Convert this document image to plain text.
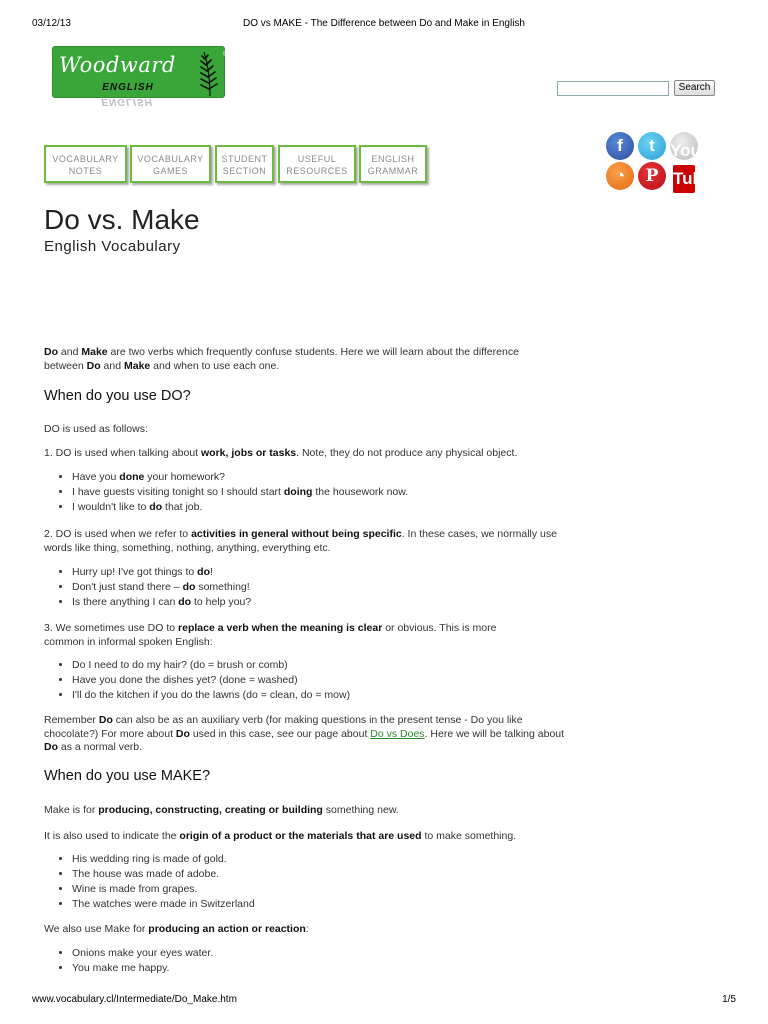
03/12/13	DO vs MAKE - The Difference between Do and Make in English
Woodward	®
ENGLISH
ENGLISH
Search
VOCABULARY
NOTES
VOCABULARY
GAMES
STUDENT
SECTION
USEFUL
RESOURCES
ENGLISH
GRAMMAR
f	t You
Tube
◔	P
Do vs. Make
English Vocabulary

Do and Make are two verbs which frequently confuse students. Here we will learn about the difference between Do and Make and when to use each one.

When do you use DO?

DO is used as follows:

1. DO is used when talking about work, jobs or tasks. Note, they do not produce any physical object.

• Have you done your homework?
• I have guests visiting tonight so I should start doing the housework now.
• I wouldn't like to do that job.

2. DO is used when we refer to activities in general without being specific. In these cases, we normally use words like thing, something, nothing, anything, everything etc.

• Hurry up! I've got things to do!
• Don't just stand there – do something!
• Is there anything I can do to help you?

3. We sometimes use DO to replace a verb when the meaning is clear or obvious. This is more common in informal spoken English:

• Do I need to do my hair? (do = brush or comb)
• Have you done the dishes yet? (done = washed)
• I'll do the kitchen if you do the lawns (do = clean, do = mow)

Remember Do can also be as an auxiliary verb (for making questions in the present tense - Do you like chocolate?) For more about Do used in this case, see our page about Do vs Does. Here we will be talking about Do as a normal verb.

When do you use MAKE?

Make is for producing, constructing, creating or building something new.

It is also used to indicate the origin of a product or the materials that are used to make something.

• His wedding ring is made of gold.
• The house was made of adobe.
• Wine is made from grapes.
• The watches were made in Switzerland

We also use Make for producing an action or reaction:

• Onions make your eyes water.
• You make me happy.
www.vocabulary.cl/Intermediate/Do_Make.htm	1/5
